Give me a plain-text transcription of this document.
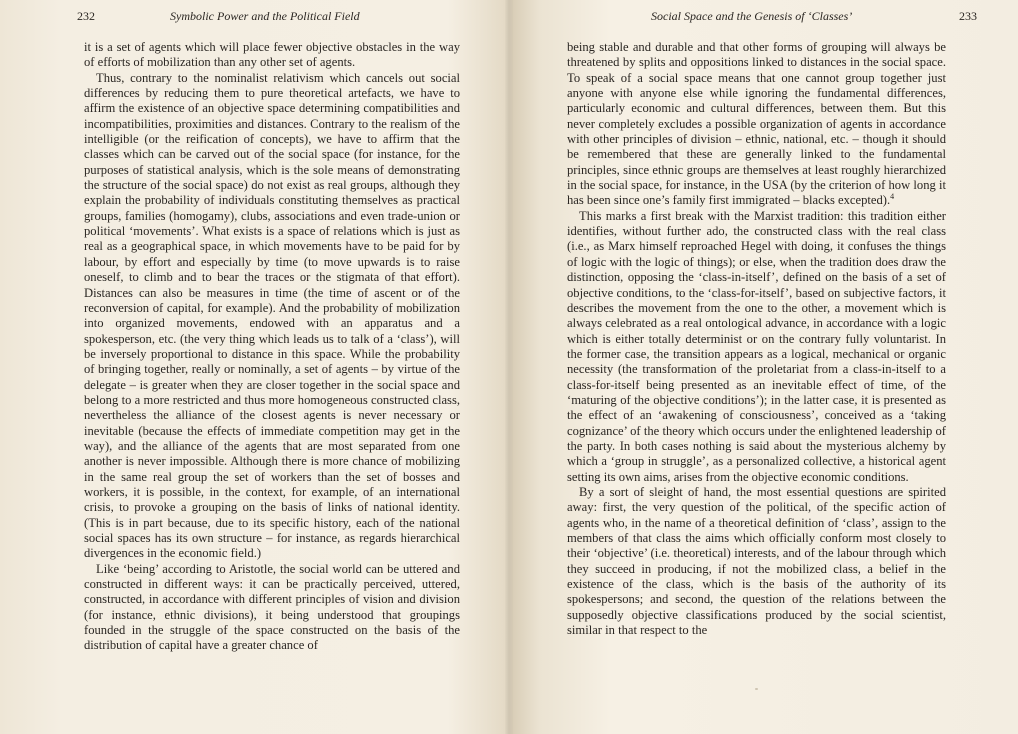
232	Symbolic Power and the Political Field

it is a set of agents which will place fewer objective obstacles in the way of efforts of mobilization than any other set of agents.

Thus, contrary to the nominalist relativism which cancels out social differences by reducing them to pure theoretical artefacts, we have to affirm the existence of an objective space determining compatibilities and incompatibilities, proximities and distances. Contrary to the realism of the intelligible (or the reification of concepts), we have to affirm that the classes which can be carved out of the social space (for instance, for the purposes of statistical analysis, which is the sole means of demonstrating the structure of the social space) do not exist as real groups, although they explain the probability of individuals constituting themselves as practical groups, families (homogamy), clubs, associations and even trade-union or political ‘movements’. What exists is a space of relations which is just as real as a geographical space, in which movements have to be paid for by labour, by effort and especially by time (to move upwards is to raise oneself, to climb and to bear the traces or the stigmata of that effort). Distances can also be measures in time (the time of ascent or of the reconversion of capital, for example). And the probability of mobilization into organized movements, endowed with an apparatus and a spokesperson, etc. (the very thing which leads us to talk of a ‘class’), will be inversely proportional to distance in this space. While the probability of bringing together, really or nominally, a set of agents – by virtue of the delegate – is greater when they are closer together in the social space and belong to a more restricted and thus more homogeneous constructed class, nevertheless the alliance of the closest agents is never necessary or inevitable (because the effects of immediate competition may get in the way), and the alliance of the agents that are most separated from one another is never impossible. Although there is more chance of mobilizing in the same real group the set of workers than the set of bosses and workers, it is possible, in the context, for example, of an international crisis, to provoke a grouping on the basis of links of national identity. (This is in part because, due to its specific history, each of the national social spaces has its own structure – for instance, as regards hierarchical divergences in the economic field.)

Like ‘being’ according to Aristotle, the social world can be uttered and constructed in different ways: it can be practically perceived, uttered, constructed, in accordance with different principles of vision and division (for instance, ethnic divisions), it being understood that groupings founded in the struggle of the space constructed on the basis of the distribution of capital have a greater chance of

Social Space and the Genesis of ‘Classes’	233

being stable and durable and that other forms of grouping will always be threatened by splits and oppositions linked to distances in the social space. To speak of a social space means that one cannot group together just anyone with anyone else while ignoring the fundamental differences, particularly economic and cultural differences, between them. But this never completely excludes a possible organization of agents in accordance with other principles of division – ethnic, national, etc. – though it should be remembered that these are generally linked to the fundamental principles, since ethnic groups are themselves at least roughly hierarchized in the social space, for instance, in the USA (by the criterion of how long it has been since one’s family first immigrated – blacks excepted).$^4$

This marks a first break with the Marxist tradition: this tradition either identifies, without further ado, the constructed class with the real class (i.e., as Marx himself reproached Hegel with doing, it confuses the things of logic with the logic of things); or else, when the tradition does draw the distinction, opposing the ‘class-in-itself’, defined on the basis of a set of objective conditions, to the ‘class-for-itself’, based on subjective factors, it describes the movement from the one to the other, a movement which is always celebrated as a real ontological advance, in accordance with a logic which is either totally determinist or on the contrary fully voluntarist. In the former case, the transition appears as a logical, mechanical or organic necessity (the transformation of the proletariat from a class-in-itself to a class-for-itself being presented as an inevitable effect of time, of the ‘maturing of the objective conditions’); in the latter case, it is presented as the effect of an ‘awakening of consciousness’, conceived as a ‘taking cognizance’ of the theory which occurs under the enlightened leadership of the party. In both cases nothing is said about the mysterious alchemy by which a ‘group in struggle’, as a personalized collective, a historical agent setting its own aims, arises from the objective economic conditions.

By a sort of sleight of hand, the most essential questions are spirited away: first, the very question of the political, of the specific action of agents who, in the name of a theoretical definition of ‘class’, assign to the members of that class the aims which officially conform most closely to their ‘objective’ (i.e. theoretical) interests, and of the labour through which they succeed in producing, if not the mobilized class, a belief in the existence of the class, which is the basis of the authority of its spokespersons; and second, the question of the relations between the supposedly objective classifications produced by the social scientist, similar in that respect to the
